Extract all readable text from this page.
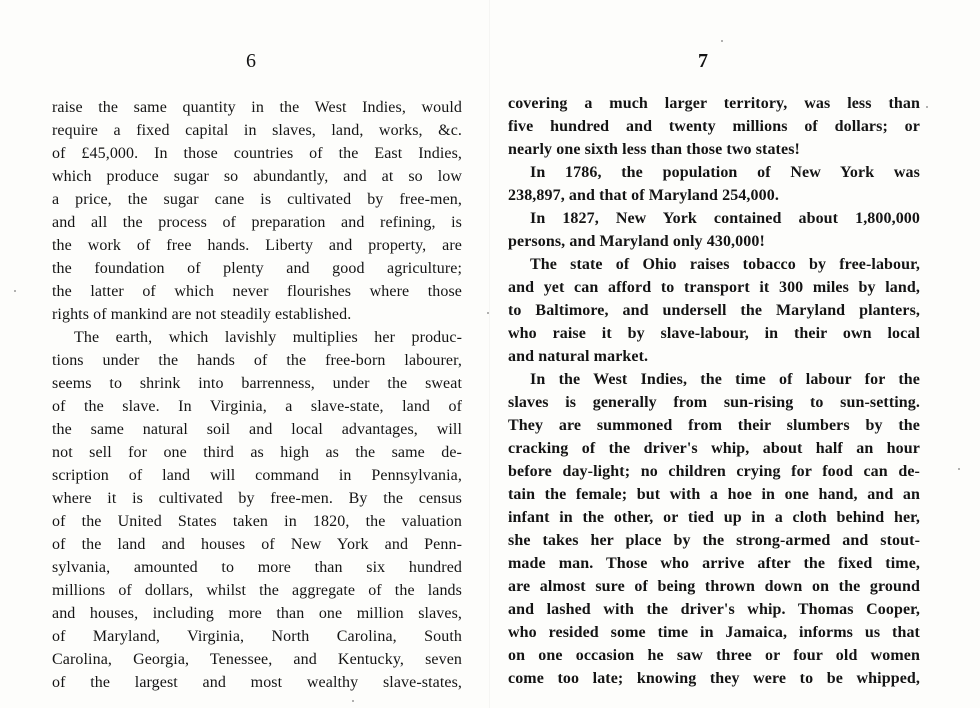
6
raise the same quantity in the West Indies, would
require a fixed capital in slaves, land, works, &c.
of £45,000. In those countries of the East Indies,
which produce sugar so abundantly, and at so low
a price, the sugar cane is cultivated by free-men,
and all the process of preparation and refining, is
the work of free hands. Liberty and property, are
the foundation of plenty and good agriculture;
the latter of which never flourishes where those
rights of mankind are not steadily established.
The earth, which lavishly multiplies her produc-
tions under the hands of the free-born labourer,
seems to shrink into barrenness, under the sweat
of the slave. In Virginia, a slave-state, land of
the same natural soil and local advantages, will
not sell for one third as high as the same de-
scription of land will command in Pennsylvania,
where it is cultivated by free-men. By the census
of the United States taken in 1820, the valuation
of the land and houses of New York and Penn-
sylvania, amounted to more than six hundred
millions of dollars, whilst the aggregate of the lands
and houses, including more than one million slaves,
of Maryland, Virginia, North Carolina, South
Carolina, Georgia, Tenessee, and Kentucky, seven
of the largest and most wealthy slave-states,
7
covering a much larger territory, was less than
five hundred and twenty millions of dollars; or
nearly one sixth less than those two states!
In 1786, the population of New York was
238,897, and that of Maryland 254,000.
In 1827, New York contained about 1,800,000
persons, and Maryland only 430,000!
The state of Ohio raises tobacco by free-labour,
and yet can afford to transport it 300 miles by land,
to Baltimore, and undersell the Maryland planters,
who raise it by slave-labour, in their own local
and natural market.
In the West Indies, the time of labour for the
slaves is generally from sun-rising to sun-setting.
They are summoned from their slumbers by the
cracking of the driver's whip, about half an hour
before day-light; no children crying for food can de-
tain the female; but with a hoe in one hand, and an
infant in the other, or tied up in a cloth behind her,
she takes her place by the strong-armed and stout-
made man. Those who arrive after the fixed time,
are almost sure of being thrown down on the ground
and lashed with the driver's whip. Thomas Cooper,
who resided some time in Jamaica, informs us that
on one occasion he saw three or four old women
come too late; knowing they were to be whipped,
